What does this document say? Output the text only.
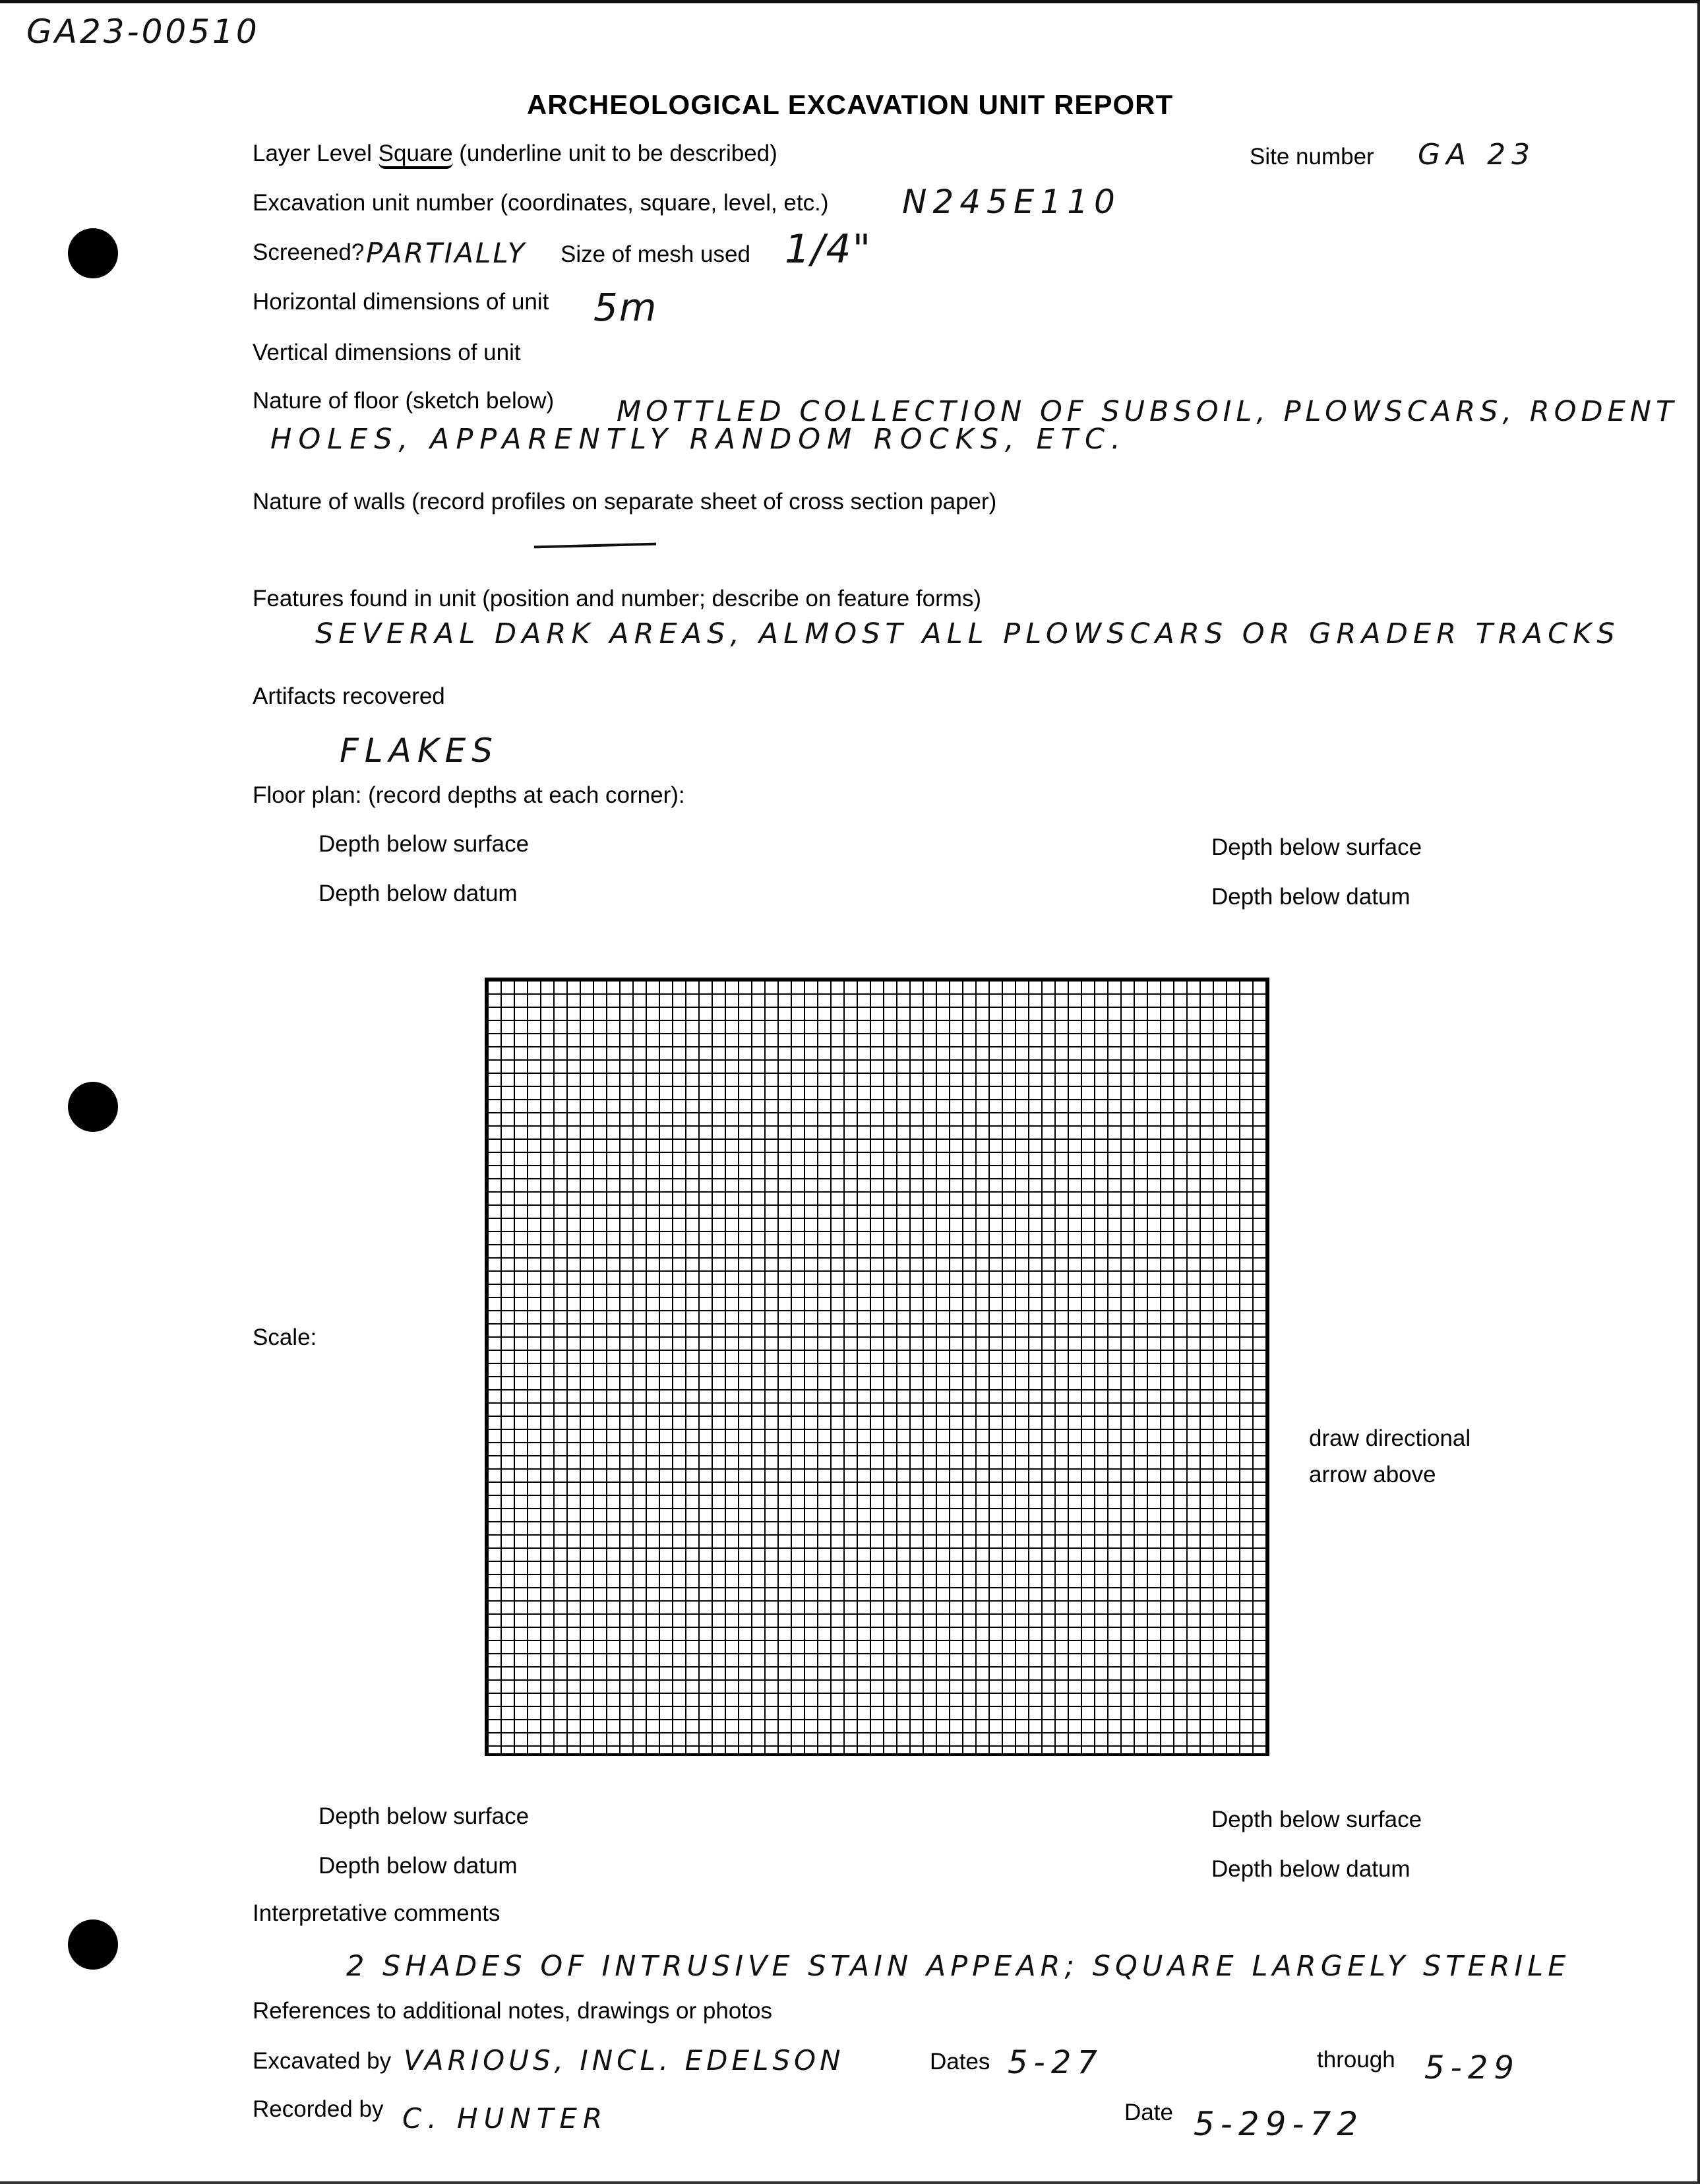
GA23-00510
ARCHEOLOGICAL EXCAVATION UNIT REPORT
Layer Level Square (underline unit to be described)	Site number GA 23
Excavation unit number (coordinates, square, level, etc.) N245E110
Screened? PARTIALLY Size of mesh used 1/4"
Horizontal dimensions of unit 5m
Vertical dimensions of unit
Nature of floor (sketch below) MOTTLED COLLECTION OF SUBSOIL, PLOWSCARS, RODENT
HOLES, APPARENTLY RANDOM ROCKS, ETC.
Nature of walls (record profiles on separate sheet of cross section paper)
Features found in unit (position and number; describe on feature forms)
SEVERAL DARK AREAS, ALMOST ALL PLOWSCARS OR GRADER TRACKS
Artifacts recovered
FLAKES
Floor plan: (record depths at each corner):
Depth below surface
Depth below datum
Depth below surface
Depth below datum
Scale:
draw directional
arrow above
Depth below surface
Depth below datum
Depth below surface
Depth below datum
Interpretative comments
2 SHADES OF INTRUSIVE STAIN APPEAR; SQUARE LARGELY STERILE
References to additional notes, drawings or photos
Excavated by VARIOUS, INCL. EDELSON	Dates 5-27	through 5-29
Recorded by C. HUNTER	Date 5-29-72
